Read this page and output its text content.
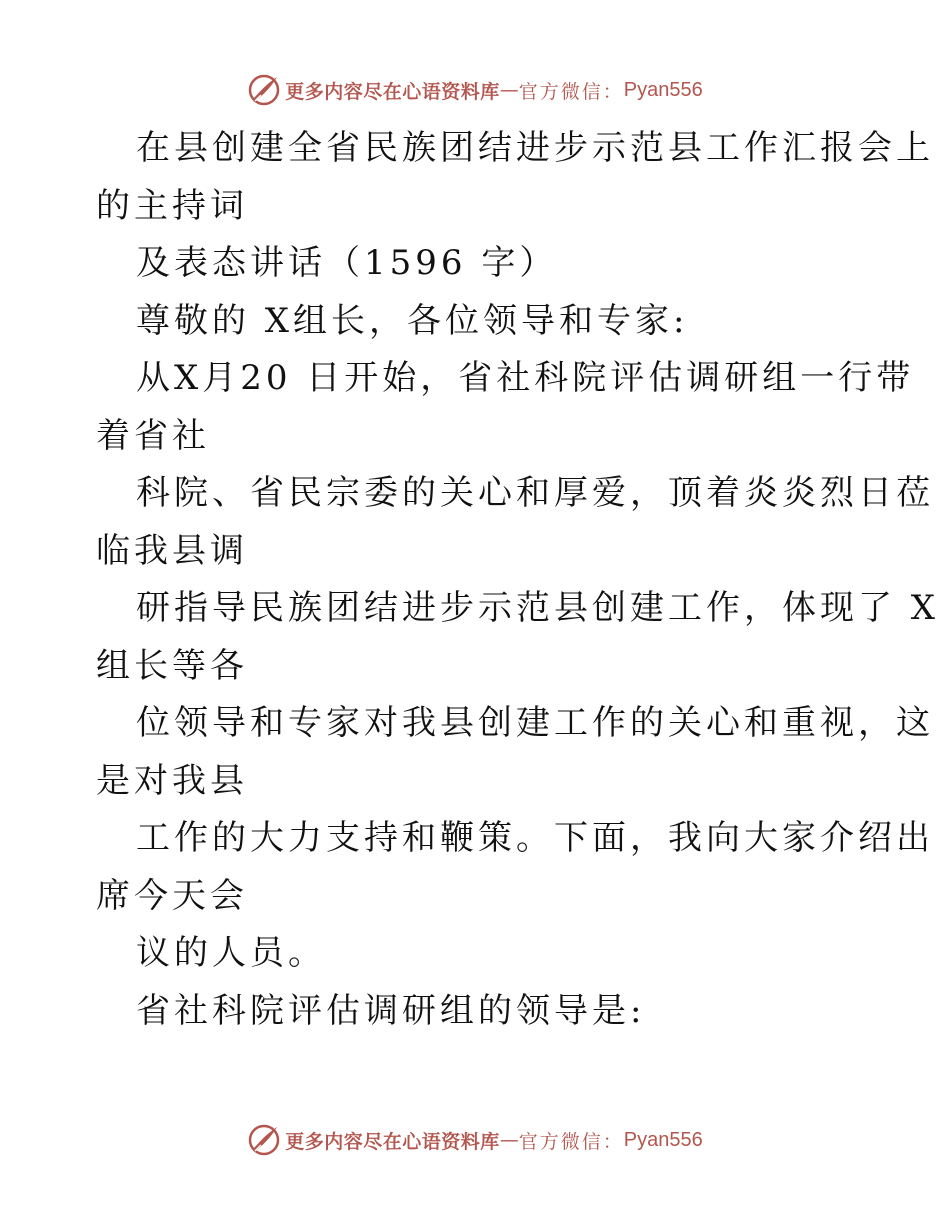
更多内容尽在心语资料库 — 官方微信： Pyan556
在县创建全省民族团结进步示范县工作汇报会上
的主持词
及表态讲话（1596 字）
尊敬的 X组长，各位领导和专家:
从X月20 日开始，省社科院评估调研组一行带
着省社
科院、省民宗委的关心和厚爱，顶着炎炎烈日莅
临我县调
研指导民族团结进步示范县创建工作，体现了 X
组长等各
位领导和专家对我县创建工作的关心和重视，这
是对我县
工作的大力支持和鞭策。下面，我向大家介绍出
席今天会
议的人员。
省社科院评估调研组的领导是:
更多内容尽在心语资料库 — 官方微信： Pyan556
